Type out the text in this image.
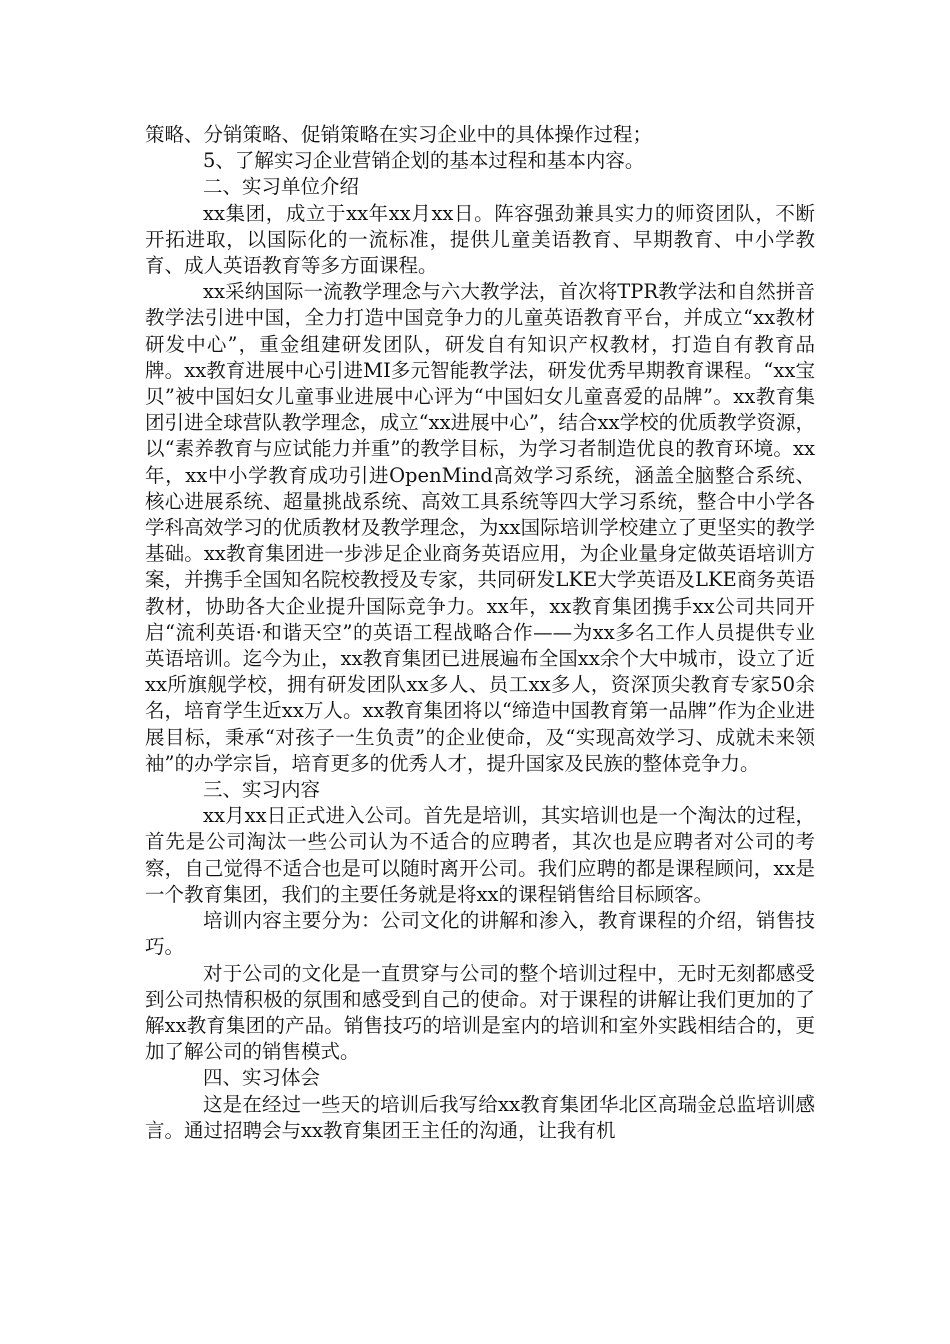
策略、分销策略、促销策略在实习企业中的具体操作过程；

5、了解实习企业营销企划的基本过程和基本内容。

二、实习单位介绍

xx集团，成立于xx年xx月xx日。阵容强劲兼具实力的师资团队，不断开拓进取，以国际化的一流标准，提供儿童美语教育、早期教育、中小学教育、成人英语教育等多方面课程。

xx采纳国际一流教学理念与六大教学法，首次将TPR教学法和自然拼音教学法引进中国，全力打造中国竞争力的儿童英语教育平台，并成立“xx教材研发中心”，重金组建研发团队，研发自有知识产权教材，打造自有教育品牌。xx教育进展中心引进MI多元智能教学法，研发优秀早期教育课程。“xx宝贝”被中国妇女儿童事业进展中心评为“中国妇女儿童喜爱的品牌”。xx教育集团引进全球营队教学理念，成立“xx进展中心”，结合xx学校的优质教学资源，以“素养教育与应试能力并重”的教学目标，为学习者制造优良的教育环境。xx年，xx中小学教育成功引进OpenMind高效学习系统，涵盖全脑整合系统、核心进展系统、超量挑战系统、高效工具系统等四大学习系统，整合中小学各学科高效学习的优质教材及教学理念，为xx国际培训学校建立了更坚实的教学基础。xx教育集团进一步涉足企业商务英语应用，为企业量身定做英语培训方案，并携手全国知名院校教授及专家，共同研发LKE大学英语及LKE商务英语教材，协助各大企业提升国际竞争力。xx年，xx教育集团携手xx公司共同开启“流利英语·和谐天空”的英语工程战略合作——为xx多名工作人员提供专业英语培训。迄今为止，xx教育集团已进展遍布全国xx余个大中城市，设立了近xx所旗舰学校，拥有研发团队xx多人、员工xx多人，资深顶尖教育专家50余名，培育学生近xx万人。xx教育集团将以“缔造中国教育第一品牌”作为企业进展目标，秉承“对孩子一生负责”的企业使命，及“实现高效学习、成就未来领袖”的办学宗旨，培育更多的优秀人才，提升国家及民族的整体竞争力。

三、实习内容

xx月xx日正式进入公司。首先是培训，其实培训也是一个淘汰的过程，首先是公司淘汰一些公司认为不适合的应聘者，其次也是应聘者对公司的考察，自己觉得不适合也是可以随时离开公司。我们应聘的都是课程顾问，xx是一个教育集团，我们的主要任务就是将xx的课程销售给目标顾客。

培训内容主要分为：公司文化的讲解和渗入，教育课程的介绍，销售技巧。

对于公司的文化是一直贯穿与公司的整个培训过程中，无时无刻都感受到公司热情积极的氛围和感受到自己的使命。对于课程的讲解让我们更加的了解xx教育集团的产品。销售技巧的培训是室内的培训和室外实践相结合的，更加了解公司的销售模式。

四、实习体会

这是在经过一些天的培训后我写给xx教育集团华北区高瑞金总监培训感言。通过招聘会与xx教育集团王主任的沟通，让我有机
